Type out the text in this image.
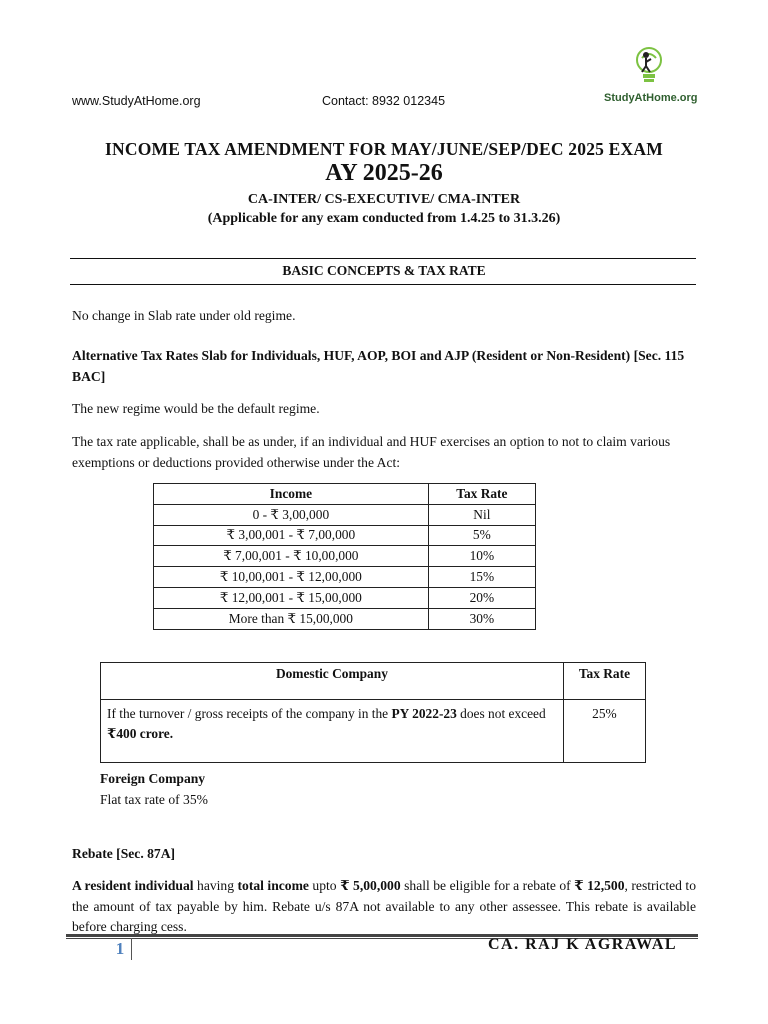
www.StudyAtHome.org	Contact: 8932 012345	StudyAtHome.org
INCOME TAX AMENDMENT FOR MAY/JUNE/SEP/DEC 2025 EXAM
AY 2025-26
CA-INTER/ CS-EXECUTIVE/ CMA-INTER
(Applicable for any exam conducted from 1.4.25 to 31.3.26)
BASIC CONCEPTS & TAX RATE
No change in Slab rate under old regime.
Alternative Tax Rates Slab for Individuals, HUF, AOP, BOI and AJP (Resident or Non-Resident) [Sec. 115 BAC]
The new regime would be the default regime.
The tax rate applicable, shall be as under, if an individual and HUF exercises an option to not to claim various exemptions or deductions provided otherwise under the Act:
Income	Tax Rate
0 - ₹ 3,00,000	Nil
₹ 3,00,001 - ₹ 7,00,000	5%
₹ 7,00,001 - ₹ 10,00,000	10%
₹ 10,00,001 - ₹ 12,00,000	15%
₹ 12,00,001 - ₹ 15,00,000	20%
More than ₹ 15,00,000	30%
Domestic Company	Tax Rate
If the turnover / gross receipts of the company in the PY 2022-23 does not exceed ₹400 crore.	25%
Foreign Company
Flat tax rate of 35%
Rebate [Sec. 87A]
A resident individual having total income upto ₹ 5,00,000 shall be eligible for a rebate of ₹ 12,500, restricted to the amount of tax payable by him. Rebate u/s 87A not available to any other assessee. This rebate is available before charging cess.
1	CA. RAJ K AGRAWAL
